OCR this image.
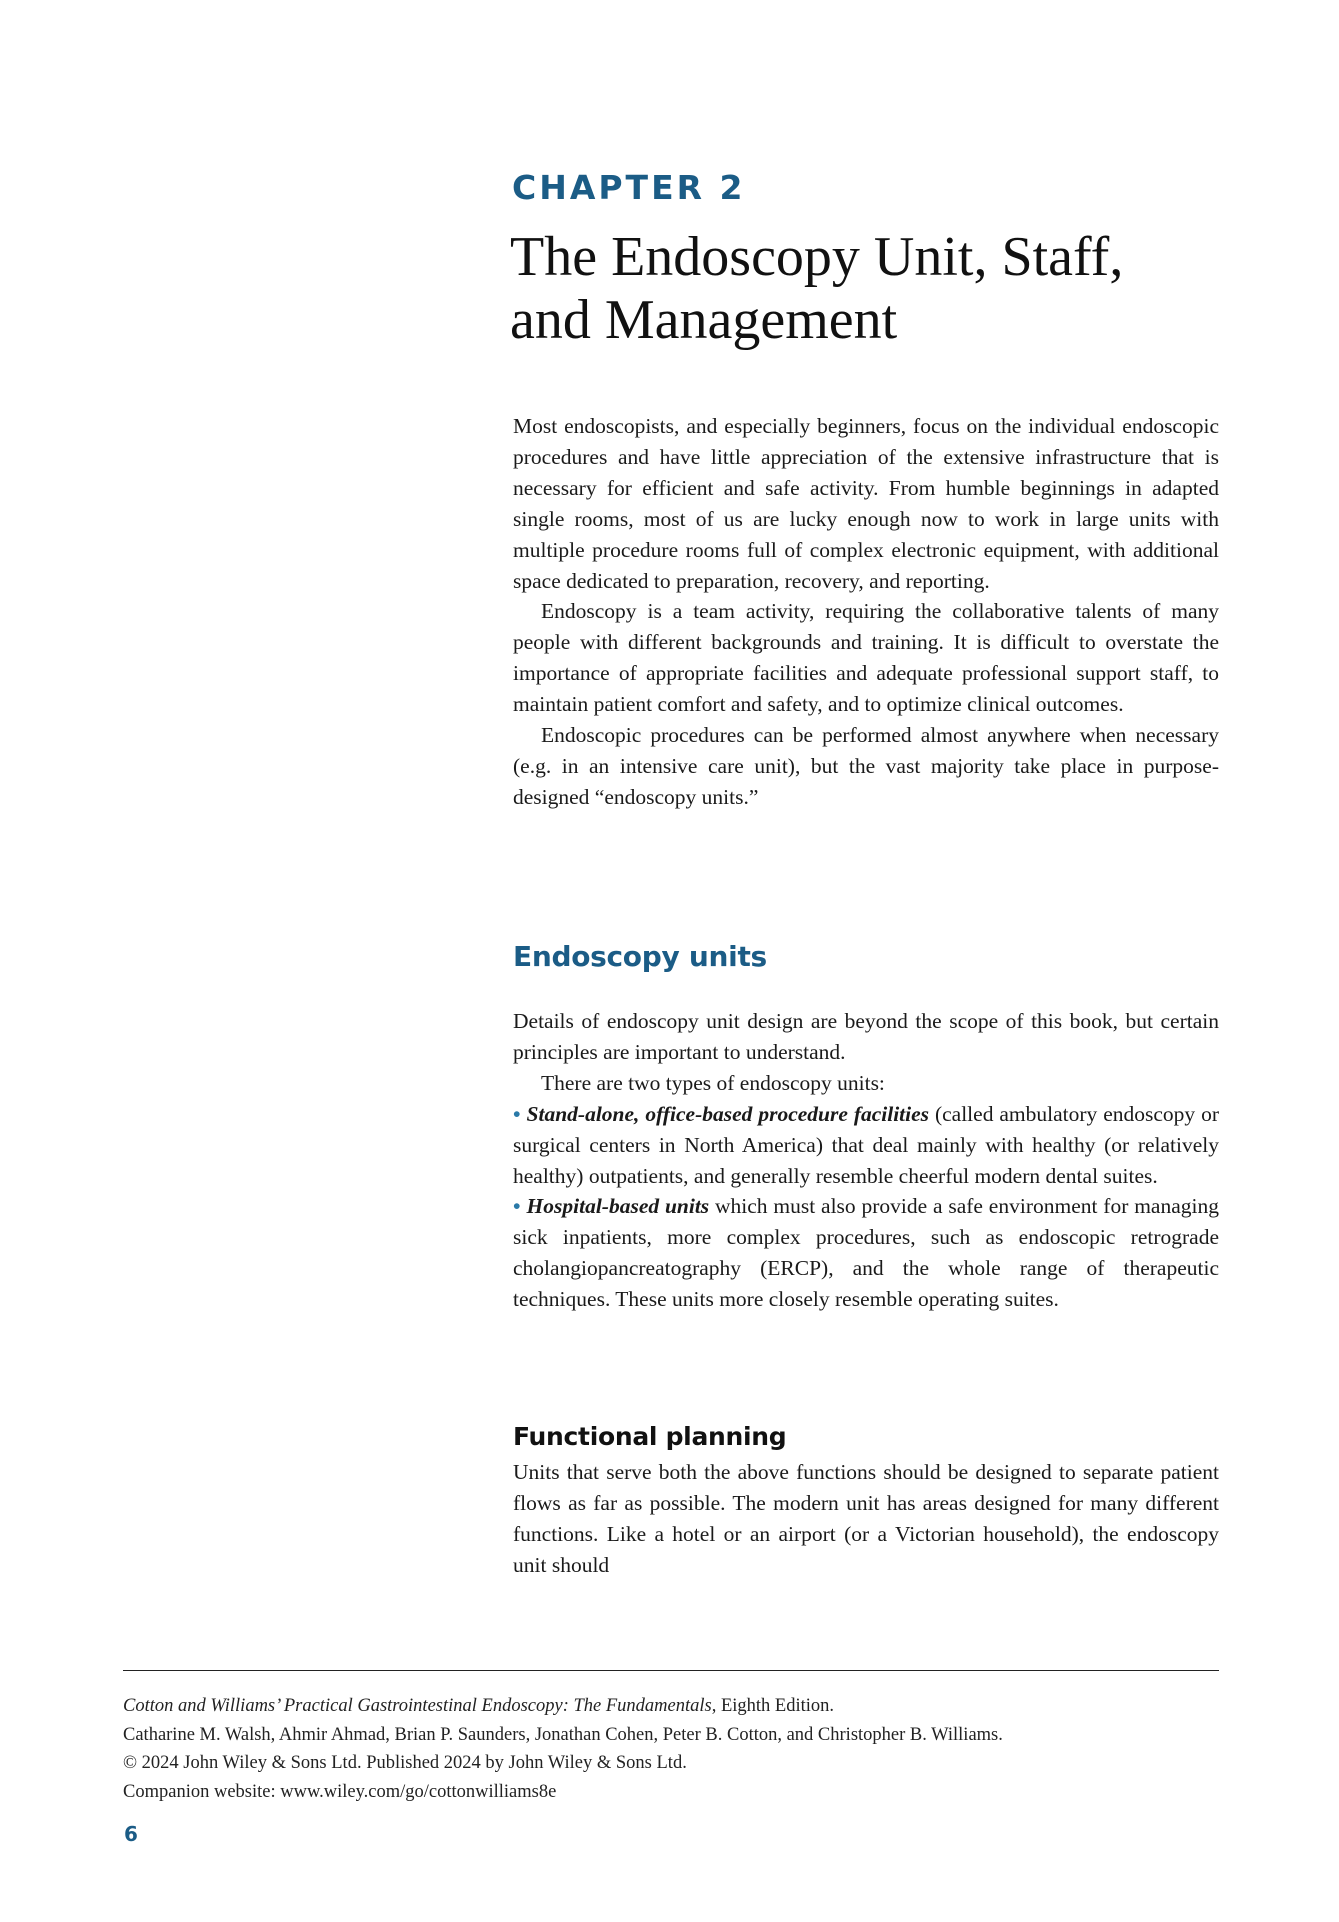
CHAPTER 2
The Endoscopy Unit, Staff,
and Management

Most endoscopists, and especially beginners, focus on the individual endoscopic procedures and have little appreciation of the extensive infrastructure that is necessary for efficient and safe activity. From humble beginnings in adapted single rooms, most of us are lucky enough now to work in large units with multiple procedure rooms full of complex electronic equipment, with additional space dedicated to preparation, recovery, and reporting.

Endoscopy is a team activity, requiring the collaborative talents of many people with different backgrounds and training. It is difficult to overstate the importance of appropriate facilities and adequate professional support staff, to maintain patient comfort and safety, and to optimize clinical outcomes.

Endoscopic procedures can be performed almost anywhere when necessary (e.g. in an intensive care unit), but the vast majority take place in purpose-designed “endoscopy units.”

Endoscopy units

Details of endoscopy unit design are beyond the scope of this book, but certain principles are important to understand.

There are two types of endoscopy units:

• Stand-alone, office-based procedure facilities (called ambulatory endoscopy or surgical centers in North America) that deal mainly with healthy (or relatively healthy) outpatients, and generally resemble cheerful modern dental suites.

• Hospital-based units which must also provide a safe environment for managing sick inpatients, more complex procedures, such as endoscopic retrograde cholangiopancreatography (ERCP), and the whole range of therapeutic techniques. These units more closely resemble operating suites.

Functional planning

Units that serve both the above functions should be designed to separate patient flows as far as possible. The modern unit has areas designed for many different functions. Like a hotel or an airport (or a Victorian household), the endoscopy unit should

Cotton and Williams’ Practical Gastrointestinal Endoscopy: The Fundamentals, Eighth Edition.
Catharine M. Walsh, Ahmir Ahmad, Brian P. Saunders, Jonathan Cohen, Peter B. Cotton, and Christopher B. Williams.
© 2024 John Wiley & Sons Ltd. Published 2024 by John Wiley & Sons Ltd.
Companion website: www.wiley.com/go/cottonwilliams8e
6
